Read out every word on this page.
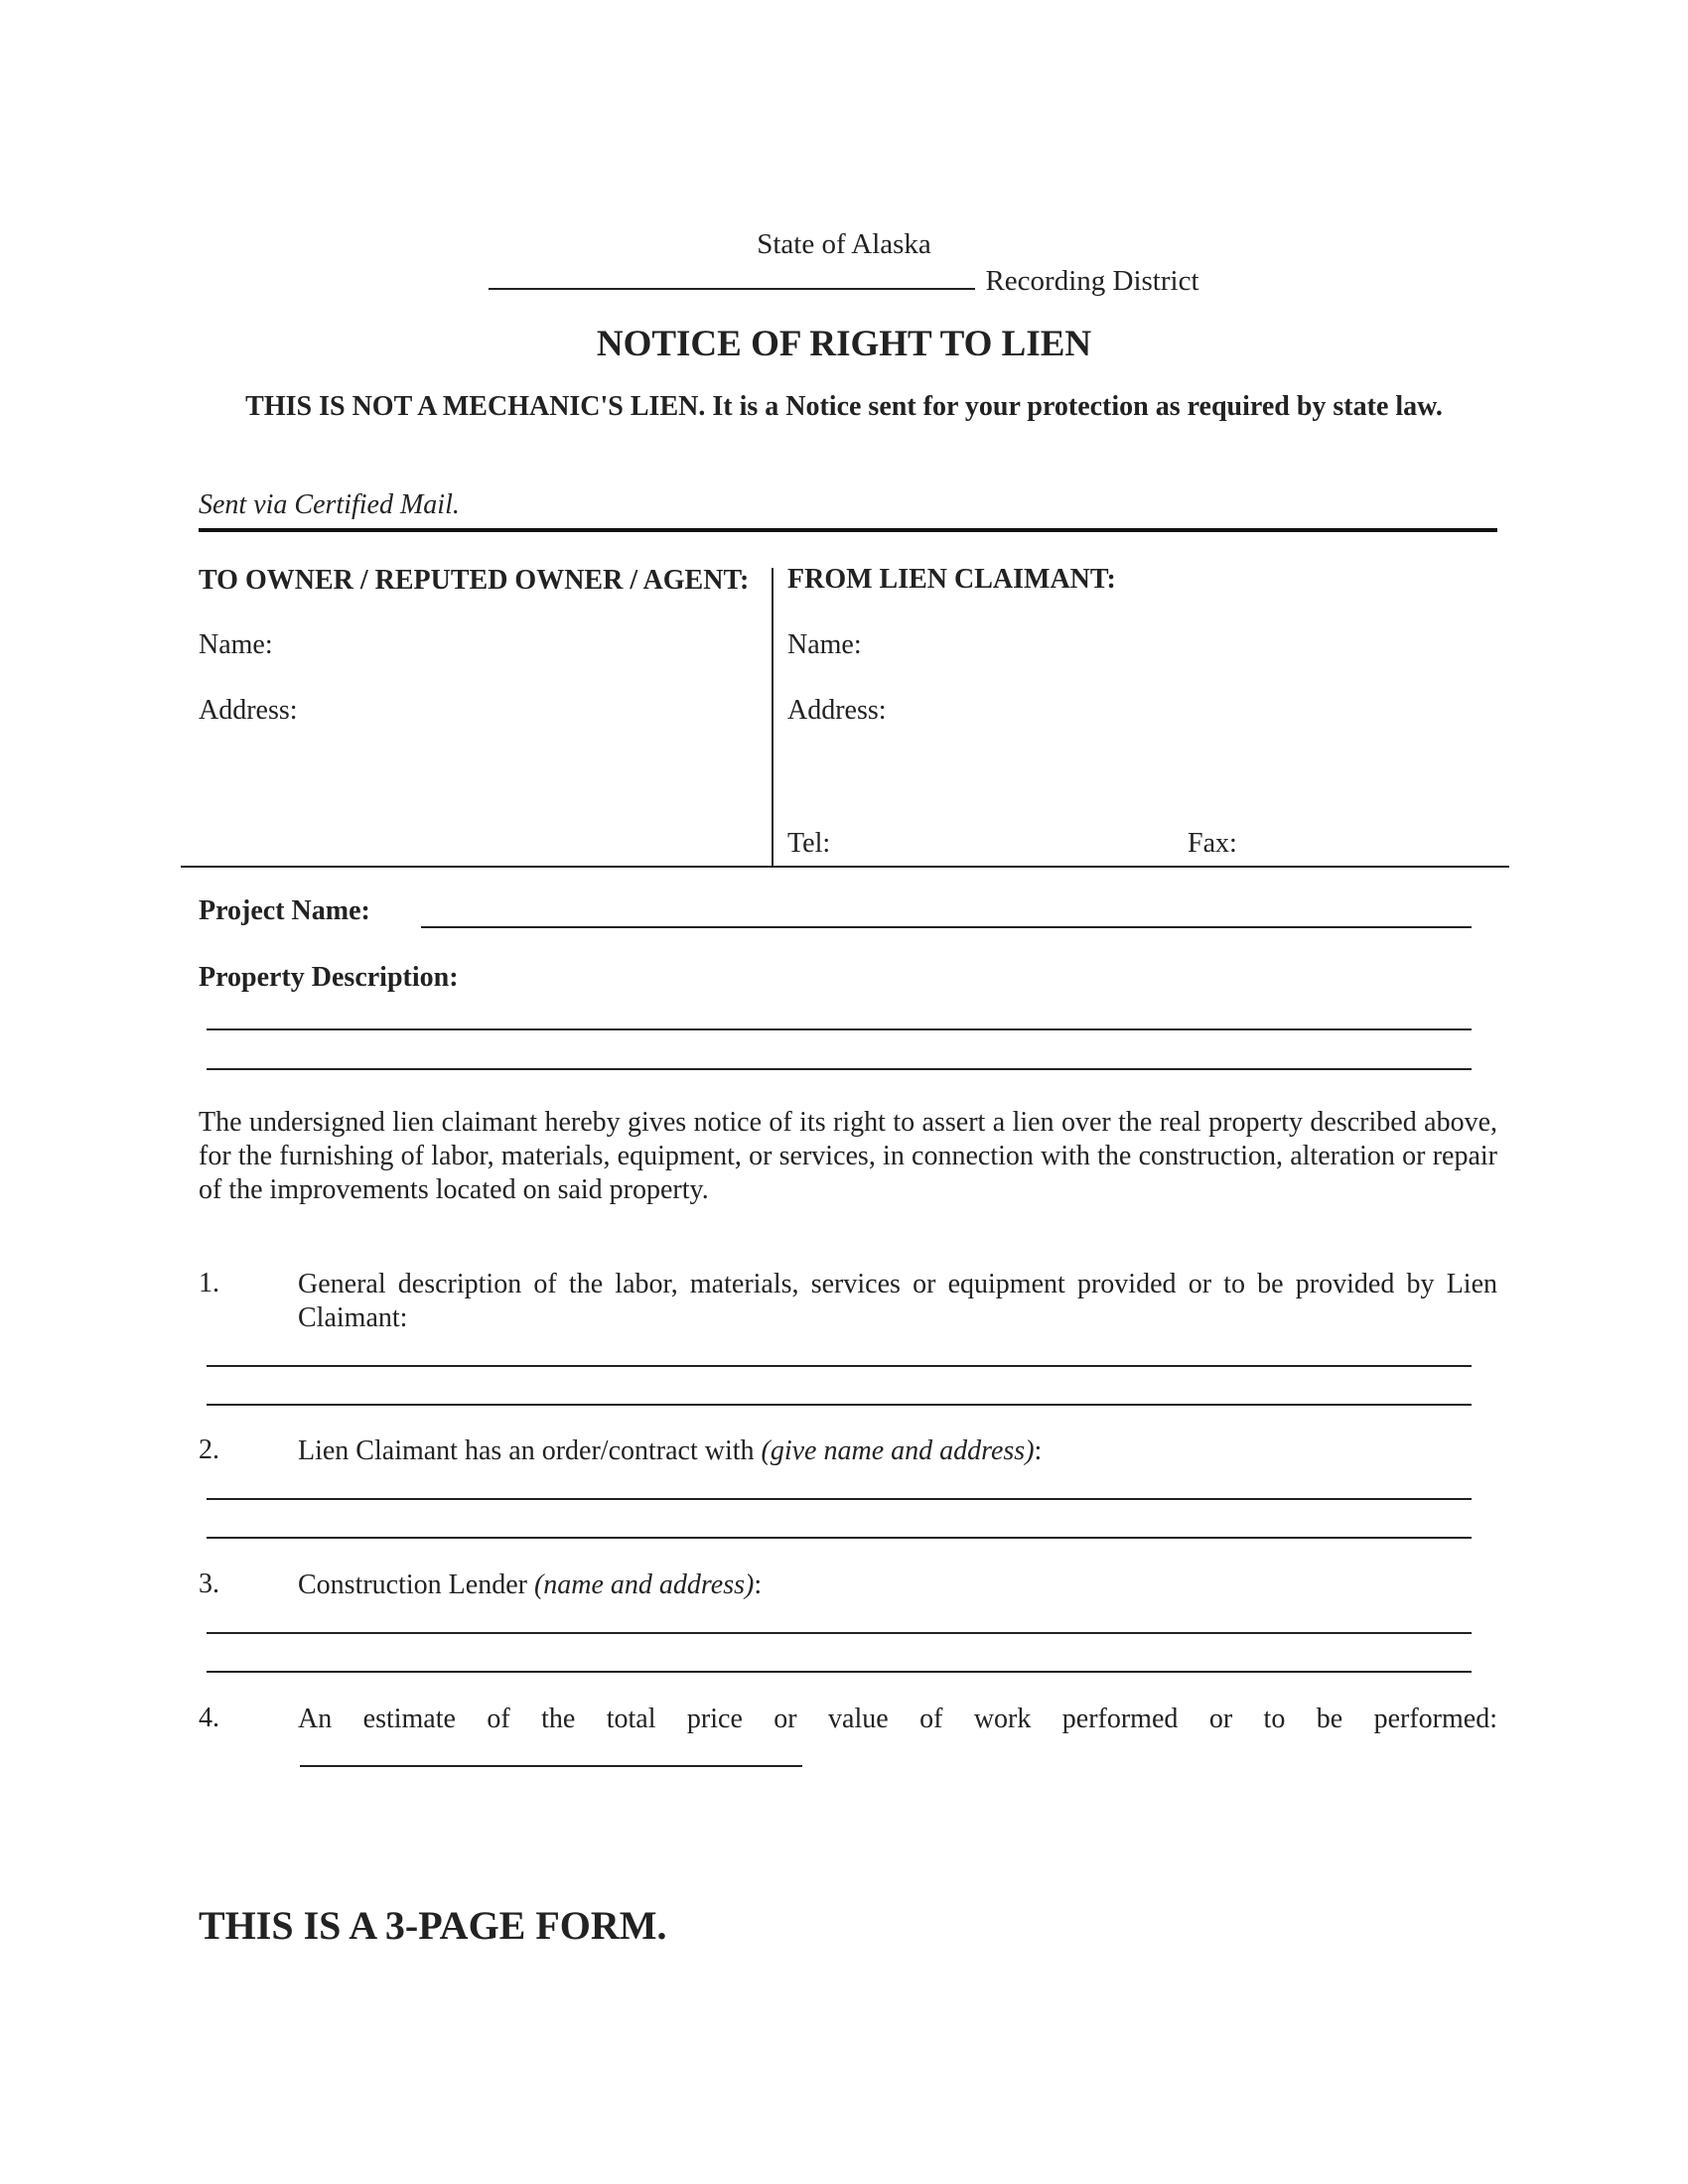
State of Alaska
Recording District
NOTICE OF RIGHT TO LIEN
THIS IS NOT A MECHANIC'S LIEN. It is a Notice sent for your protection as required by state law.
Sent via Certified Mail.
TO OWNER / REPUTED OWNER / AGENT:
Name:
Address:
FROM LIEN CLAIMANT:
Name:
Address:
Tel:	Fax:
Project Name:
Property Description:
The undersigned lien claimant hereby gives notice of its right to assert a lien over the real property described above, for the furnishing of labor, materials, equipment, or services, in connection with the construction, alteration or repair of the improvements located on said property.
1.	General description of the labor, materials, services or equipment provided or to be provided by Lien Claimant:
2.	Lien Claimant has an order/contract with (give name and address):
3.	Construction Lender (name and address):
4.	An estimate of the total price or value of work performed or to be performed:
THIS IS A 3-PAGE FORM.
